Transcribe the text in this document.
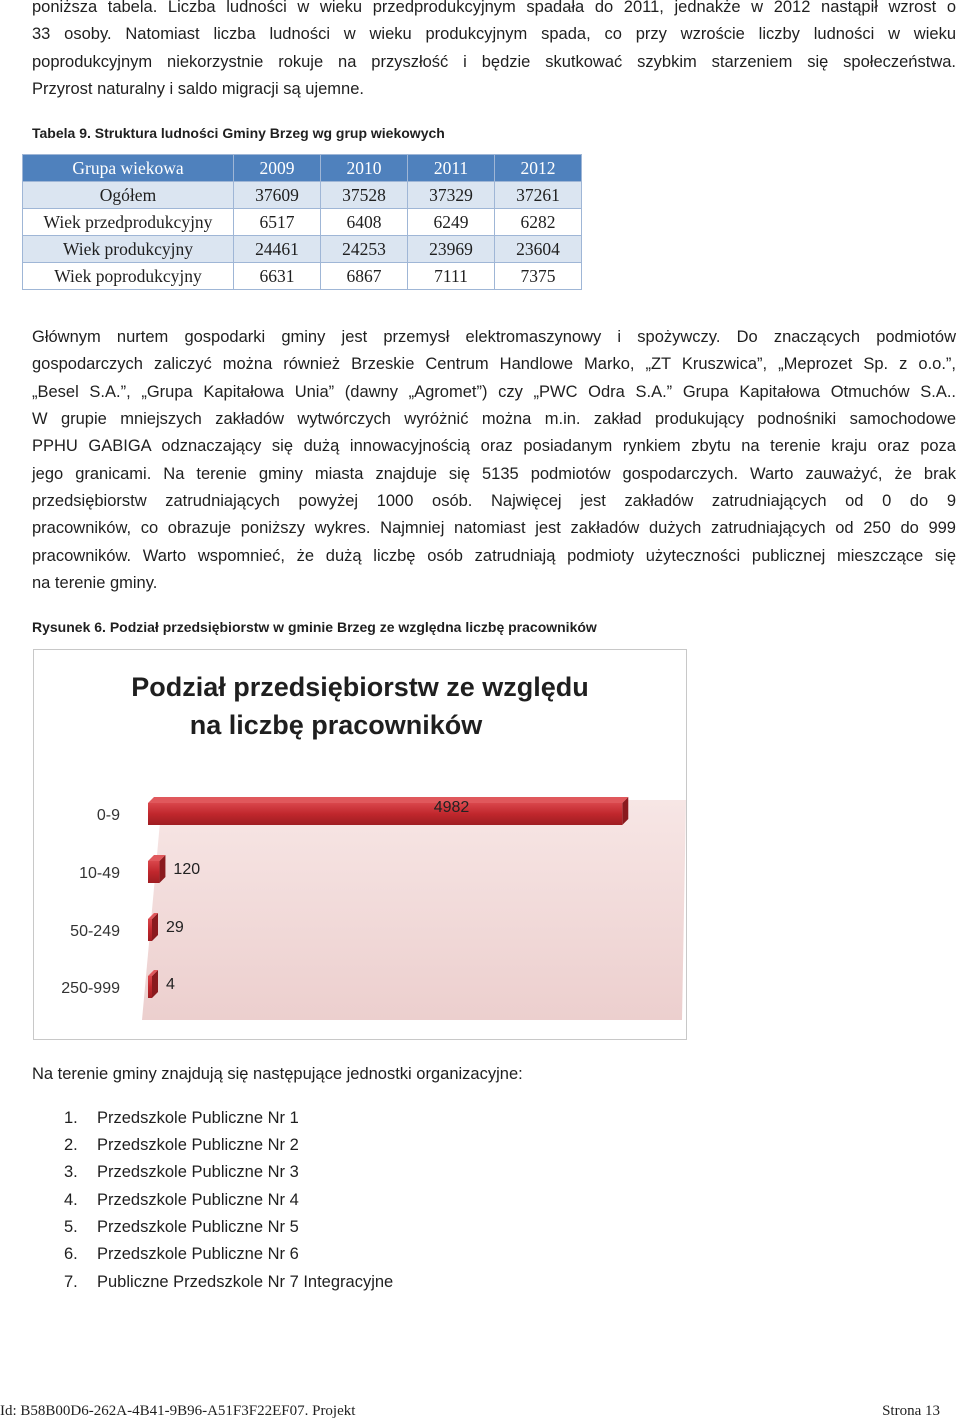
poniższa tabela. Liczba ludności w wieku przedprodukcyjnym spadała do 2011, jednakże w 2012 nastąpił wzrost o
33 osoby. Natomiast liczba ludności w wieku produkcyjnym spada, co przy wzroście liczby ludności w wieku
poprodukcyjnym niekorzystnie rokuje na przyszłość i będzie skutkować szybkim starzeniem się społeczeństwa.
Przyrost naturalny i saldo migracji są ujemne.
Tabela 9. Struktura ludności Gminy Brzeg wg grup wiekowych
Grupa wiekowa	2009	2010	2011	2012
Ogółem	37609	37528	37329	37261
Wiek przedprodukcyjny	6517	6408	6249	6282
Wiek produkcyjny	24461	24253	23969	23604
Wiek poprodukcyjny	6631	6867	7111	7375
Głównym nurtem gospodarki gminy jest przemysł elektromaszynowy i spożywczy. Do znaczących podmiotów
gospodarczych zaliczyć można również Brzeskie Centrum Handlowe Marko, „ZT Kruszwica”, „Meprozet Sp. z o.o.”,
„Besel S.A.”, „Grupa Kapitałowa Unia” (dawny „Agromet”) czy „PWC Odra S.A.” Grupa Kapitałowa Otmuchów S.A..
W grupie mniejszych zakładów wytwórczych wyróżnić można m.in. zakład produkujący podnośniki samochodowe
PPHU GABIGA odznaczający się dużą innowacyjnością oraz posiadanym rynkiem zbytu na terenie kraju oraz poza
jego granicami. Na terenie gminy miasta znajduje się 5135 podmiotów gospodarczych. Warto zauważyć, że brak
przedsiębiorstw zatrudniających powyżej 1000 osób. Najwięcej jest zakładów zatrudniających od 0 do 9
pracowników, co obrazuje poniższy wykres. Najmniej natomiast jest zakładów dużych zatrudniających od 250 do 999
pracowników. Warto wspomnieć, że dużą liczbę osób zatrudniają podmioty użyteczności publicznej mieszczące się
na terenie gminy.
Rysunek 6. Podział przedsiębiorstw w gminie Brzeg ze względna liczbę pracowników
Podział przedsiębiorstw ze względu
na liczbę pracowników
0-9	4982
10-49	120
50-249	29
250-999	4
Na terenie gminy znajdują się następujące jednostki organizacyjne:
1. Przedszkole Publiczne Nr 1
2. Przedszkole Publiczne Nr 2
3. Przedszkole Publiczne Nr 3
4. Przedszkole Publiczne Nr 4
5. Przedszkole Publiczne Nr 5
6. Przedszkole Publiczne Nr 6
7. Publiczne Przedszkole Nr 7 Integracyjne
Id: B58B00D6-262A-4B41-9B96-A51F3F22EF07. Projekt	Strona 13
